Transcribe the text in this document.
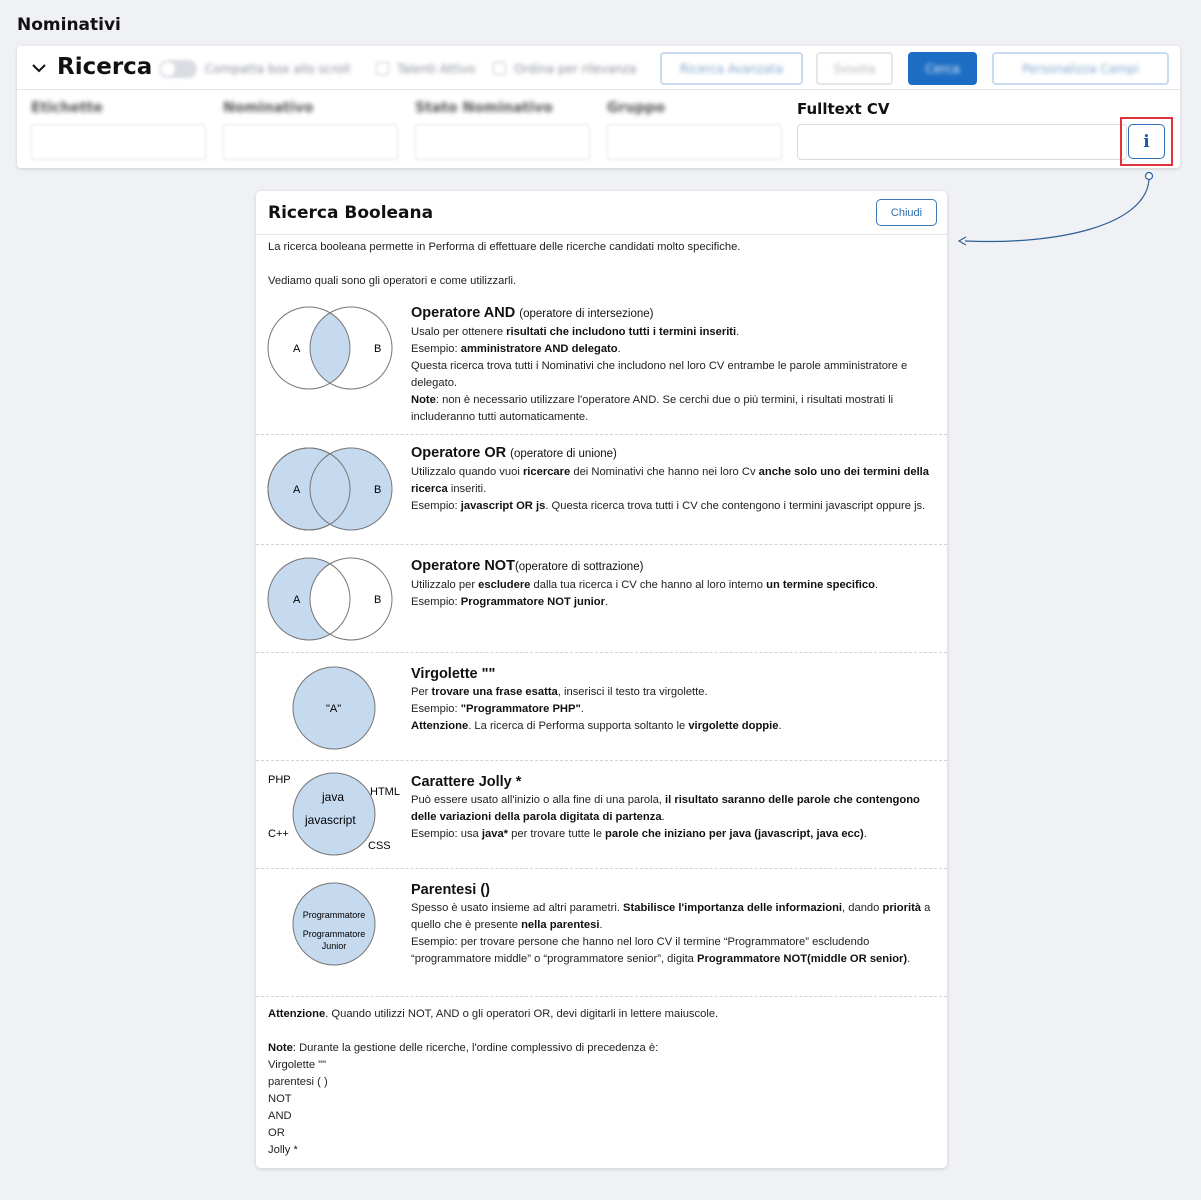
Nominativi
Ricerca	Compatta box allo scroll	Talenti Attivo	Ordina per rilevanza	Ricerca Avanzata	Svuota	Cerca	Personalizza Campi
Etichette	Nominativo	Stato Nominativo	Gruppo	Fulltext CV
i
Ricerca Booleana	Chiudi
La ricerca booleana permette in Performa di effettuare delle ricerche candidati molto specifiche.
Vediamo quali sono gli operatori e come utilizzarli.
A	B
Operatore AND (operatore di intersezione)

Usalo per ottenere risultati che includono tutti i termini inseriti.

Esempio: amministratore AND delegato.

Questa ricerca trova tutti i Nominativi che includono nel loro CV entrambe le parole amministratore e delegato.

Note: non è necessario utilizzare l'operatore AND. Se cerchi due o più termini, i risultati mostrati li includeranno tutti automaticamente.

A	B
Operatore OR (operatore di unione)

Utilizzalo quando vuoi ricercare dei Nominativi che hanno nei loro Cv anche solo uno dei termini della ricerca inseriti.

Esempio: javascript OR js. Questa ricerca trova tutti i CV che contengono i termini javascript oppure js.

A	B
Operatore NOT(operatore di sottrazione)

Utilizzalo per escludere dalla tua ricerca i CV che hanno al loro interno un termine specifico.

Esempio: Programmatore NOT junior.

"A"
Virgolette ""

Per trovare una frase esatta, inserisci il testo tra virgolette.

Esempio: "Programmatore PHP".

Attenzione. La ricerca di Performa supporta soltanto le virgolette doppie.

PHP
HTML
C++
CSS
java
javascript
Carattere Jolly *

Può essere usato all'inizio o alla fine di una parola, il risultato saranno delle parole che contengono delle variazioni della parola digitata di partenza.

Esempio: usa java* per trovare tutte le parole che iniziano per java (javascript, java ecc).

Programmatore
Programmatore
Junior
Parentesi ()

Spesso è usato insieme ad altri parametri. Stabilisce l'importanza delle informazioni, dando priorità a quello che è presente nella parentesi.

Esempio: per trovare persone che hanno nel loro CV il termine “Programmatore” escludendo “programmatore middle” o “programmatore senior”, digita Programmatore NOT(middle OR senior).

Attenzione. Quando utilizzi NOT, AND o gli operatori OR, devi digitarli in lettere maiuscole.

Note: Durante la gestione delle ricerche, l'ordine complessivo di precedenza è:

Virgolette ""

parentesi ( )

NOT

AND

OR

Jolly *
